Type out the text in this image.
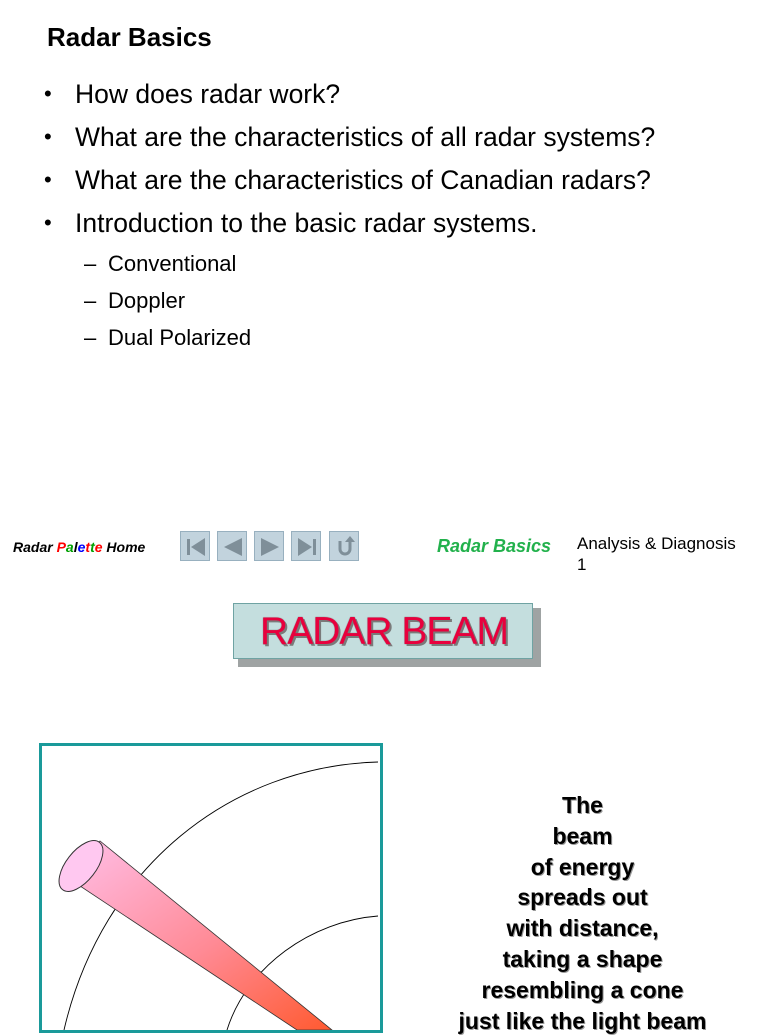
Radar Basics
• How does radar work?
• What are the characteristics of all radar systems?
• What are the characteristics of Canadian radars?
• Introduction to the basic radar systems.
– Conventional
– Doppler
– Dual Polarized
Radar Palette Home	Radar Basics Analysis & Diagnosis
1
RADAR BEAM
The
beam
of energy
spreads out
with distance,
taking a shape
resembling a cone
just like the light beam
